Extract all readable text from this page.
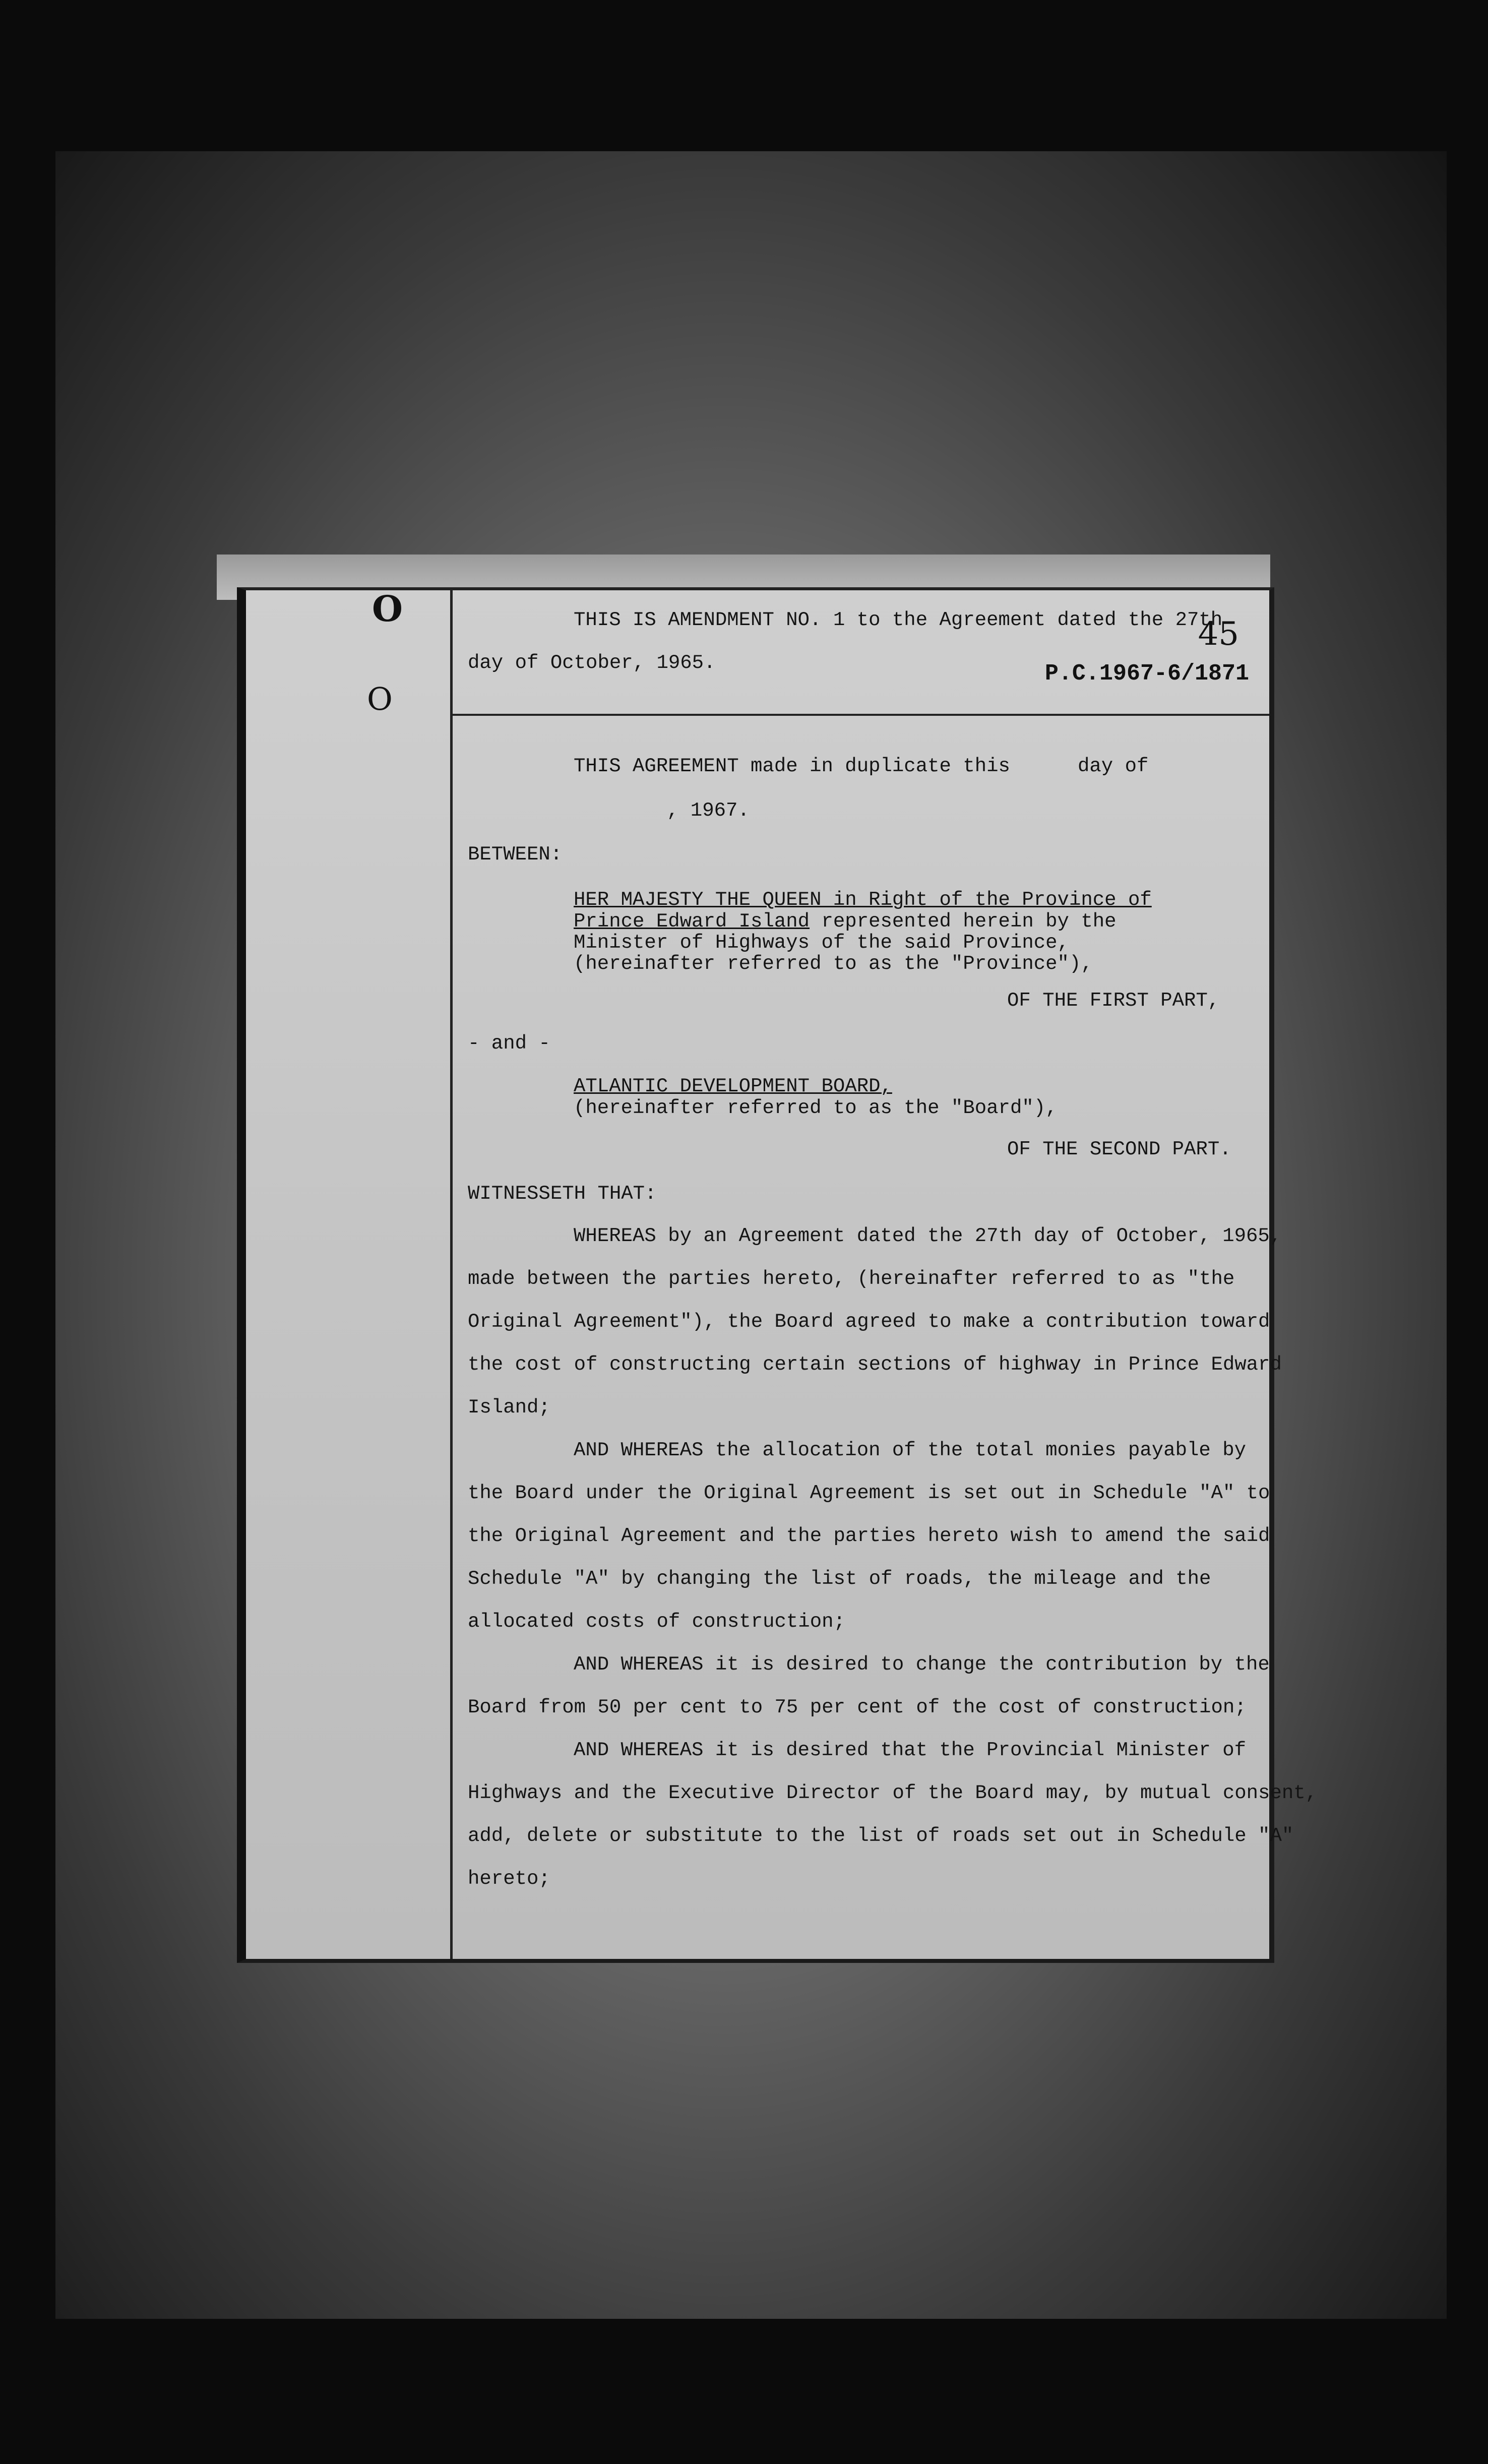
O
O
45
P.C.1967-6/1871
THIS IS AMENDMENT NO. 1 to the Agreement dated the 27th
day of October, 1965.
THIS AGREEMENT made in duplicate this	day of
, 1967.
BETWEEN:
HER MAJESTY THE QUEEN in Right of the Province of
Prince Edward Island represented herein by the
Minister of Highways of the said Province,
(hereinafter referred to as the "Province"),
OF THE FIRST PART,
- and -
ATLANTIC DEVELOPMENT BOARD,
(hereinafter referred to as the "Board"),
OF THE SECOND PART.
WITNESSETH THAT:
WHEREAS by an Agreement dated the 27th day of October, 1965,
made between the parties hereto, (hereinafter referred to as "the
Original Agreement"), the Board agreed to make a contribution toward
the cost of constructing certain sections of highway in Prince Edward
Island;
AND WHEREAS the allocation of the total monies payable by
the Board under the Original Agreement is set out in Schedule "A" to
the Original Agreement and the parties hereto wish to amend the said
Schedule "A" by changing the list of roads, the mileage and the
allocated costs of construction;
AND WHEREAS it is desired to change the contribution by the
Board from 50 per cent to 75 per cent of the cost of construction;
AND WHEREAS it is desired that the Provincial Minister of
Highways and the Executive Director of the Board may, by mutual consent,
add, delete or substitute to the list of roads set out in Schedule "A"
hereto;
